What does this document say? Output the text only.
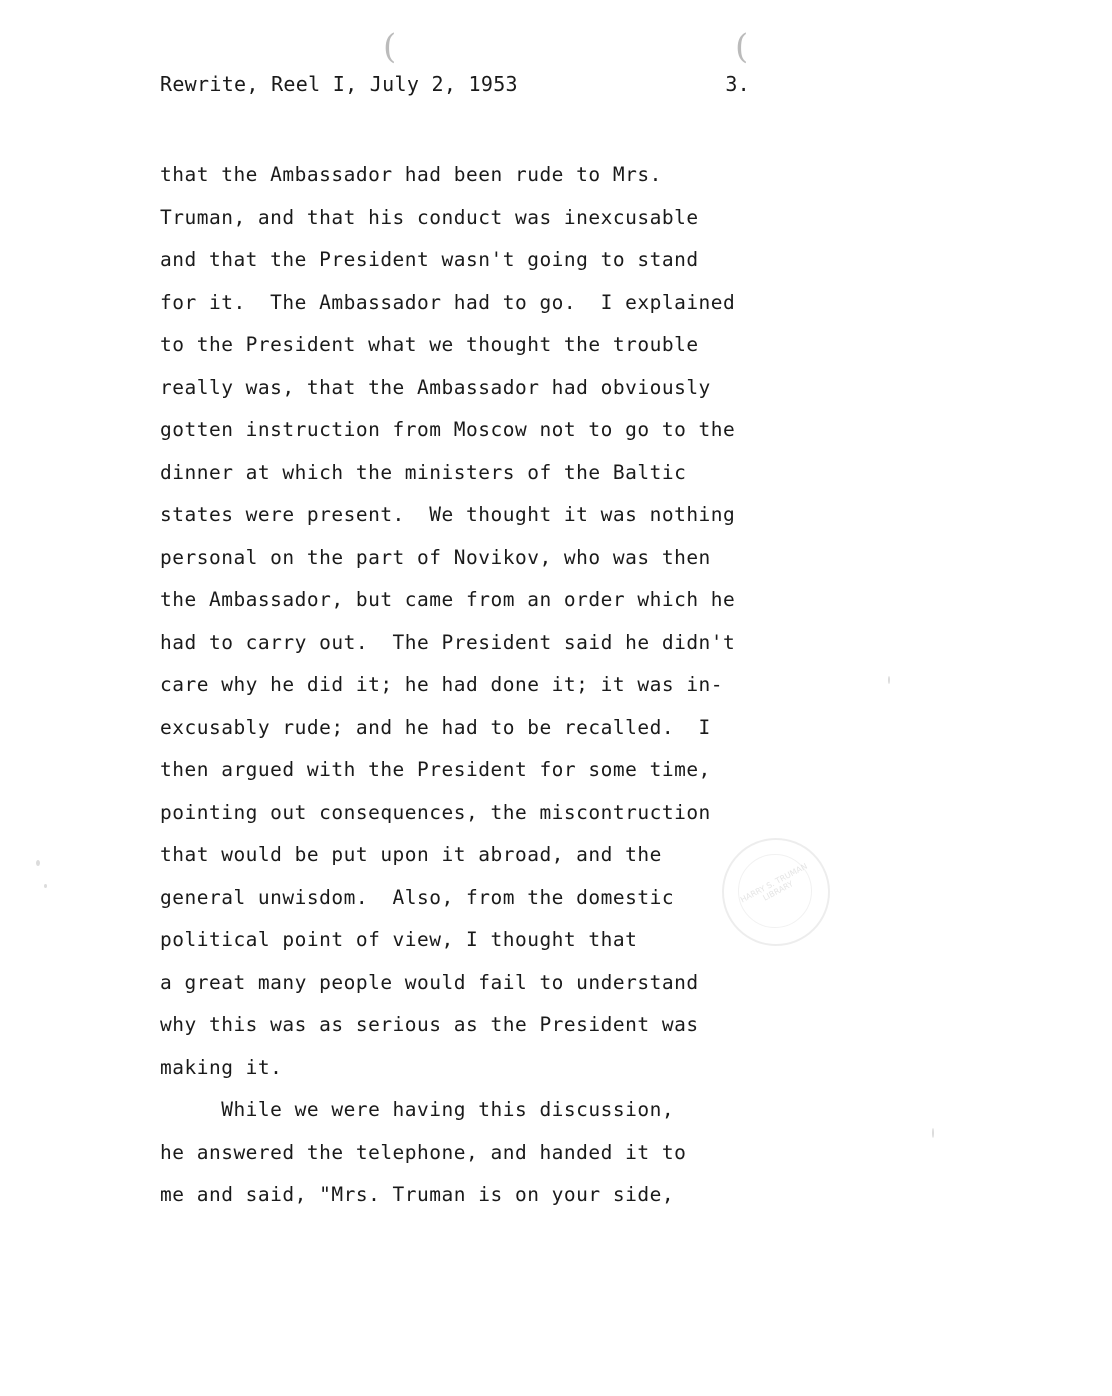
(	(
Rewrite, Reel I, July 2, 1953	3.
that the Ambassador had been rude to Mrs.
Truman, and that his conduct was inexcusable
and that the President wasn't going to stand
for it.  The Ambassador had to go.  I explained
to the President what we thought the trouble
really was, that the Ambassador had obviously
gotten instruction from Moscow not to go to the
dinner at which the ministers of the Baltic
states were present.  We thought it was nothing
personal on the part of Novikov, who was then
the Ambassador, but came from an order which he
had to carry out.  The President said he didn't
care why he did it; he had done it; it was in-
excusably rude; and he had to be recalled.  I
then argued with the President for some time,
pointing out consequences, the miscontruction
that would be put upon it abroad, and the
general unwisdom.  Also, from the domestic
political point of view, I thought that
a great many people would fail to understand
why this was as serious as the President was
making it.
While we were having this discussion,
he answered the telephone, and handed it to
me and said, "Mrs. Truman is on your side,
HARRY S. TRUMAN LIBRARY
